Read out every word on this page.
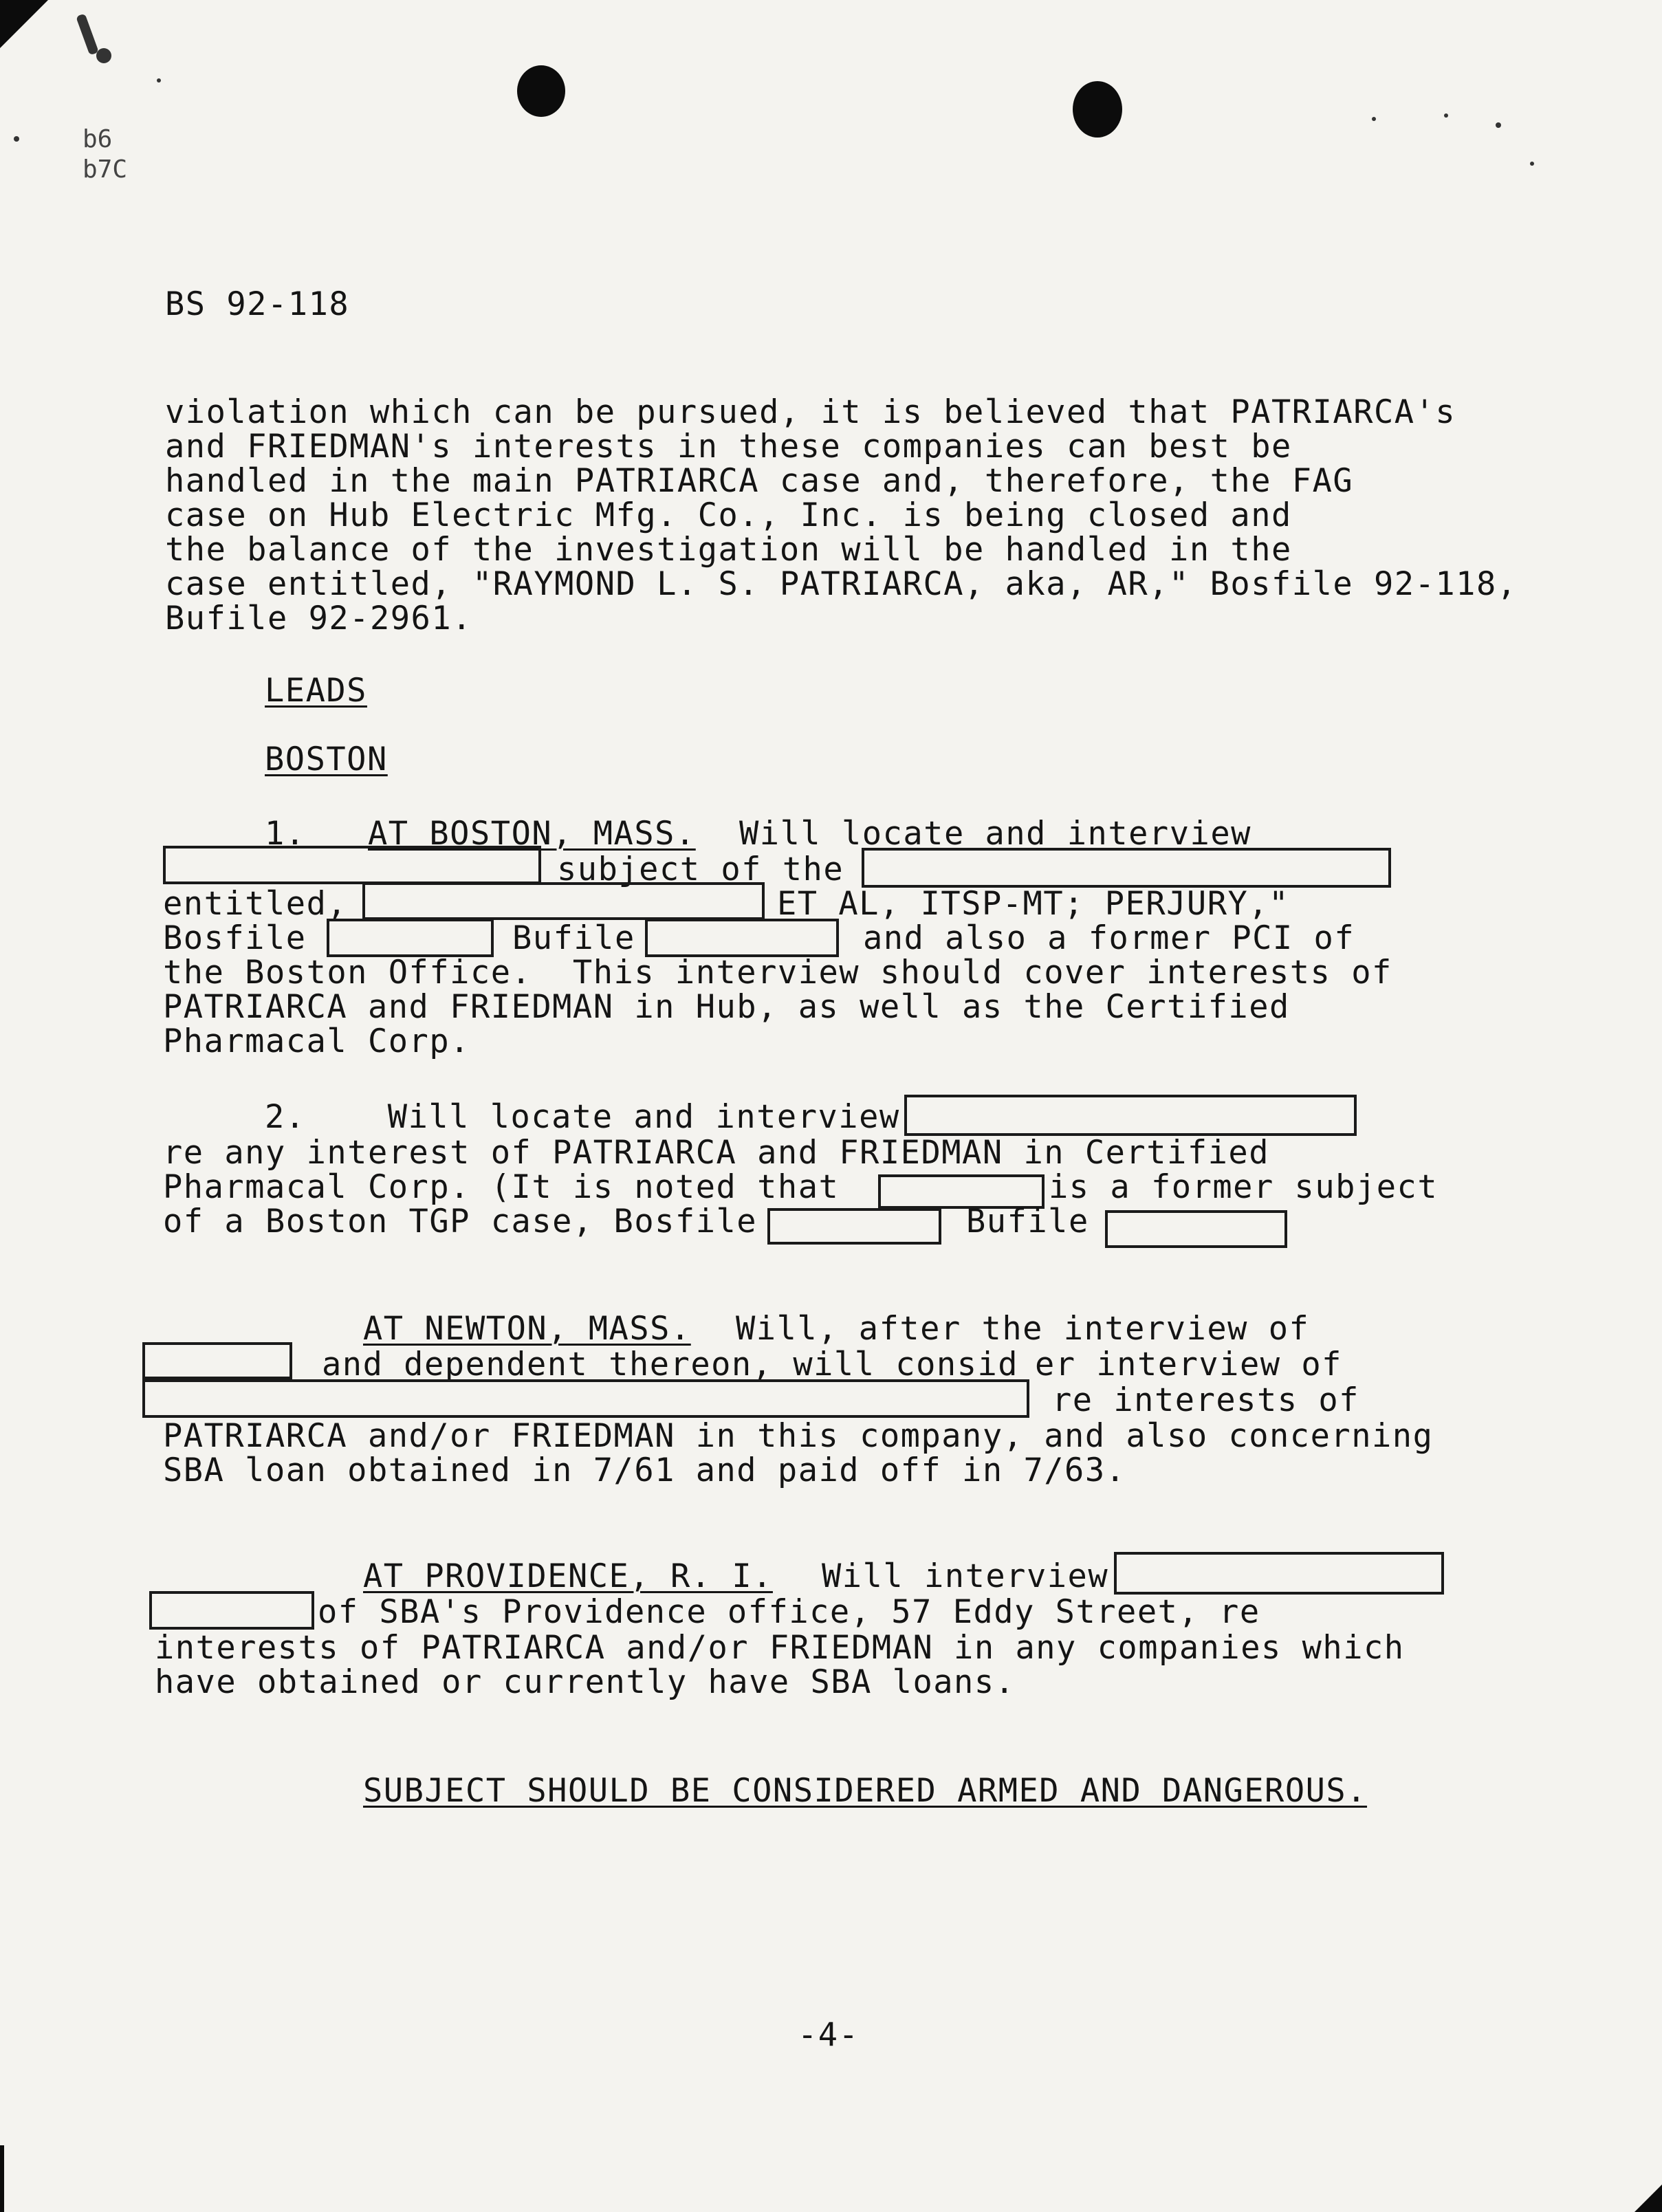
b6
b7C
BS 92-118
violation which can be pursued, it is believed that PATRIARCA's
and FRIEDMAN's interests in these companies can best be
handled in the main PATRIARCA case and, therefore, the FAG
case on Hub Electric Mfg. Co., Inc. is being closed and
the balance of the investigation will be handled in the
case entitled, "RAYMOND L. S. PATRIARCA, aka, AR," Bosfile 92-118,
Bufile 92-2961.
LEADS
BOSTON
1. AT BOSTON, MASS. Will locate and interview
subject of the
entitled,	ET AL, ITSP-MT; PERJURY,"
Bosfile	Bufile	and also a former PCI of
the Boston Office.  This interview should cover interests of
PATRIARCA and FRIEDMAN in Hub, as well as the Certified
Pharmacal Corp.
2.    Will locate and interview
re any interest of PATRIARCA and FRIEDMAN in Certified
Pharmacal Corp. (It is noted that	is a former subject
of a Boston TGP case, Bosfile	Bufile
AT NEWTON, MASS. Will, after the interview of
and dependent thereon, will consid er interview of
re interests of
PATRIARCA and/or FRIEDMAN in this company, and also concerning
SBA loan obtained in 7/61 and paid off in 7/63.
AT PROVIDENCE, R. I. Will interview
of SBA's Providence office, 57 Eddy Street, re
interests of PATRIARCA and/or FRIEDMAN in any companies which
have obtained or currently have SBA loans.
SUBJECT SHOULD BE CONSIDERED ARMED AND DANGEROUS.
-4-
